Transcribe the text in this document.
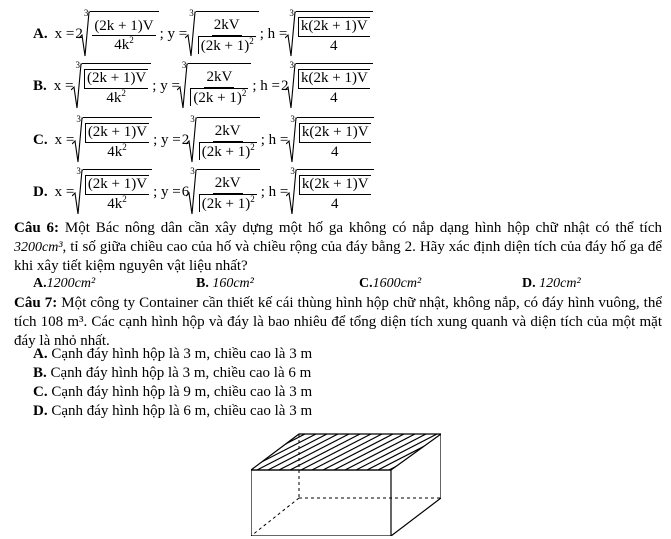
A. x = 2
3
$\frac{(2k + 1)V}{4k^2}$ ; y =
3
$\frac{2kV}{(2k + 1)^2}$ ; h =
3
$\frac{k(2k + 1)V}{4}$
B. x =
3
$\frac{(2k + 1)V}{4k^2}$ ; y =
3
$\frac{2kV}{(2k + 1)^2}$ ; h = 2
3
$\frac{k(2k + 1)V}{4}$
C. x =
3
$\frac{(2k + 1)V}{4k^2}$ ; y = 2
3
$\frac{2kV}{(2k + 1)^2}$ ; h =
3
$\frac{k(2k + 1)V}{4}$
D. x =
3
$\frac{(2k + 1)V}{4k^2}$ ; y = 6
3
$\frac{2kV}{(2k + 1)^2}$ ; h =
3
$\frac{k(2k + 1)V}{4}$
Câu 6: Một Bác nông dân cần xây dựng một hố ga không có nắp dạng hình hộp chữ nhật có thể tích 3200cm³, tỉ số giữa chiều cao của hố và chiều rộng của đáy bằng 2. Hãy xác định diện tích của đáy hố ga để khi xây tiết kiệm nguyên vật liệu nhất?
A.1200cm²	B. 160cm²	C.1600cm²	D. 120cm²
Câu 7: Một công ty Container cần thiết kế cái thùng hình hộp chữ nhật, không nắp, có đáy hình vuông, thể tích 108 m³. Các cạnh hình hộp và đáy là bao nhiêu để tổng diện tích xung quanh và diện tích của một mặt đáy là nhỏ nhất.
A. Cạnh đáy hình hộp là 3 m, chiều cao là 3 m
B. Cạnh đáy hình hộp là 3 m, chiều cao là 6 m
C. Cạnh đáy hình hộp là 9 m, chiều cao là 3 m
D. Cạnh đáy hình hộp là 6 m, chiều cao là 3 m
